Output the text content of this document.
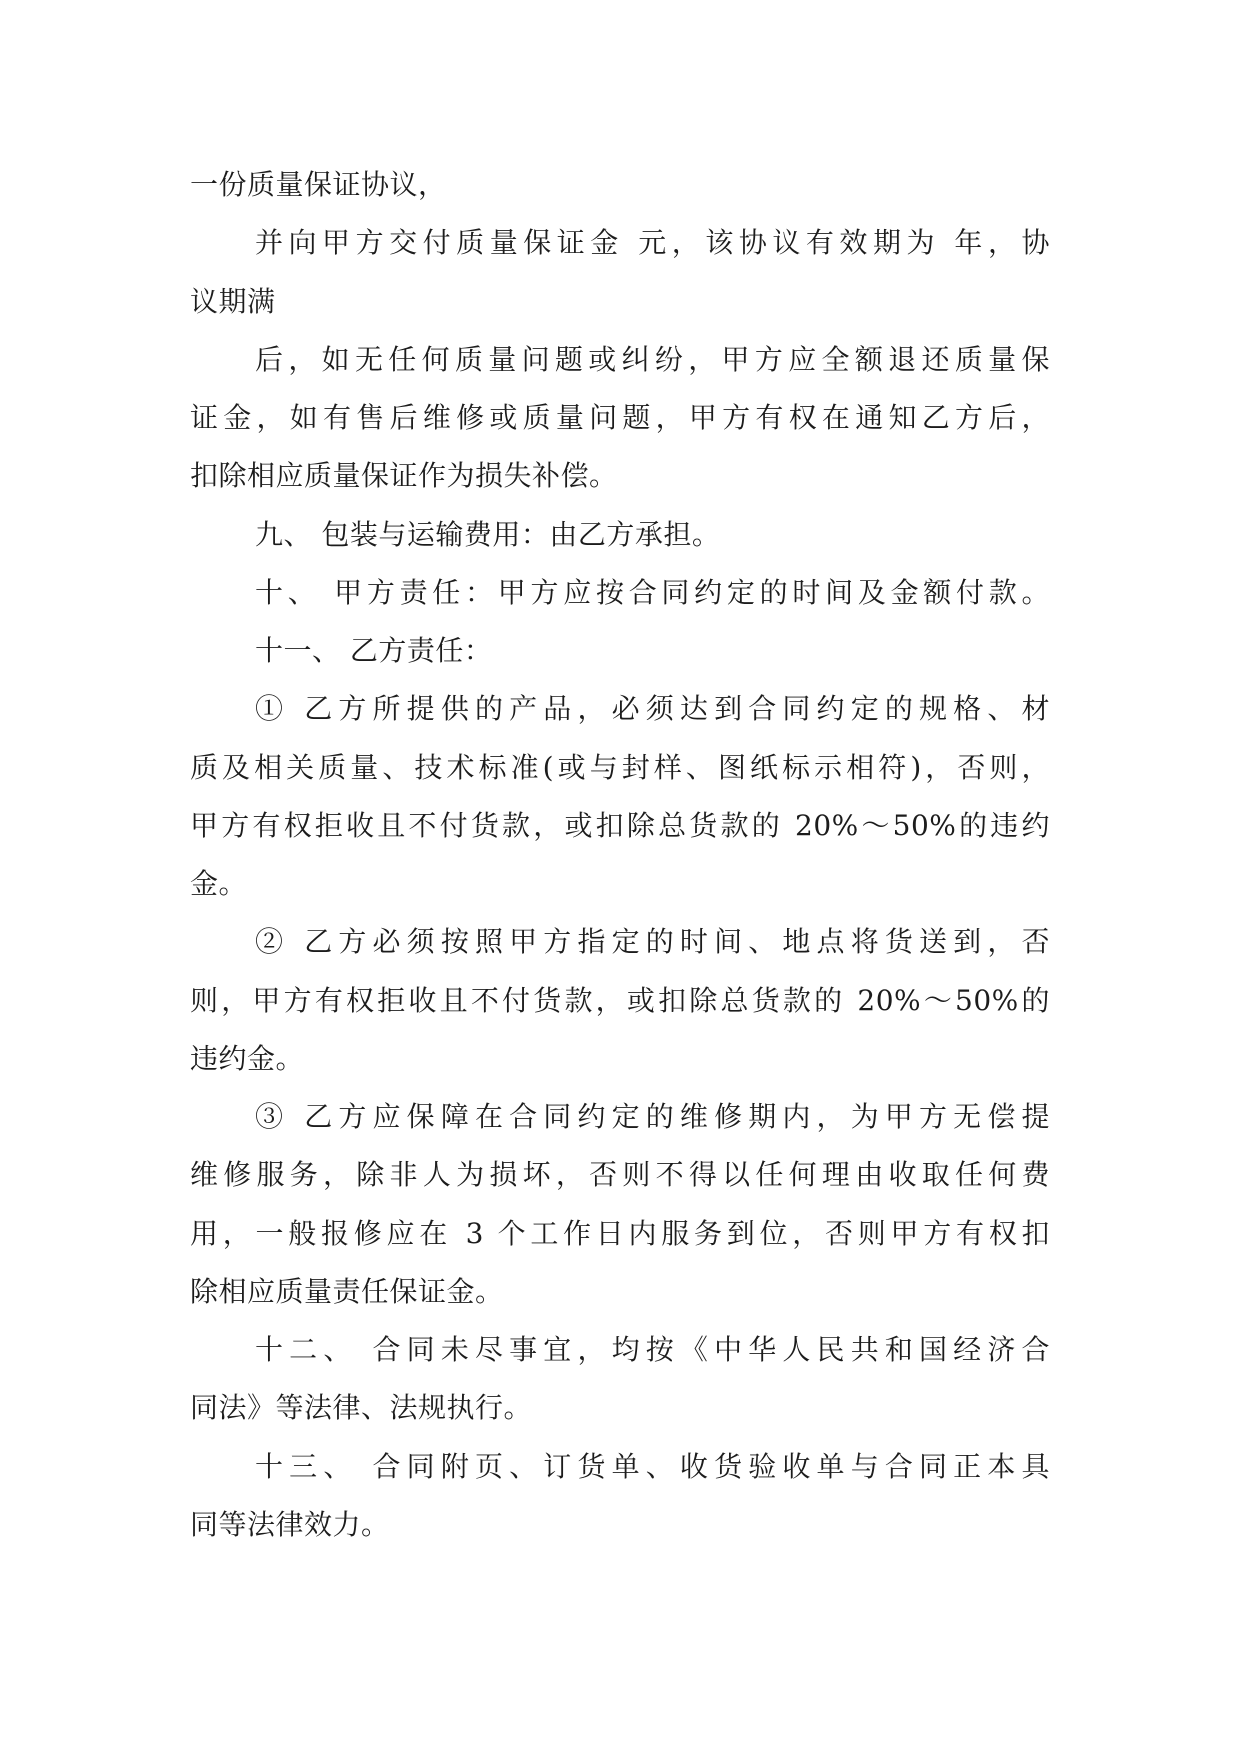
一份质量保证协议，
并向甲方交付质量保证金 元，该协议有效期为 年，协
议期满
后，如无任何质量问题或纠纷，甲方应全额退还质量保
证金，如有售后维修或质量问题，甲方有权在通知乙方后，
扣除相应质量保证作为损失补偿。
九、 包装与运输费用：由乙方承担。
十、 甲方责任：甲方应按合同约定的时间及金额付款。
十一、 乙方责任：
① 乙方所提供的产品，必须达到合同约定的规格、材
质及相关质量、技术标准(或与封样、图纸标示相符)，否则，
甲方有权拒收且不付货款，或扣除总货款的 20%～50%的违约
金。
② 乙方必须按照甲方指定的时间、地点将货送到，否
则，甲方有权拒收且不付货款，或扣除总货款的 20%～50%的
违约金。
③ 乙方应保障在合同约定的维修期内，为甲方无偿提
维修服务，除非人为损坏，否则不得以任何理由收取任何费
用，一般报修应在 3 个工作日内服务到位，否则甲方有权扣
除相应质量责任保证金。
十二、 合同未尽事宜，均按《中华人民共和国经济合
同法》等法律、法规执行。
十三、 合同附页、订货单、收货验收单与合同正本具
同等法律效力。
